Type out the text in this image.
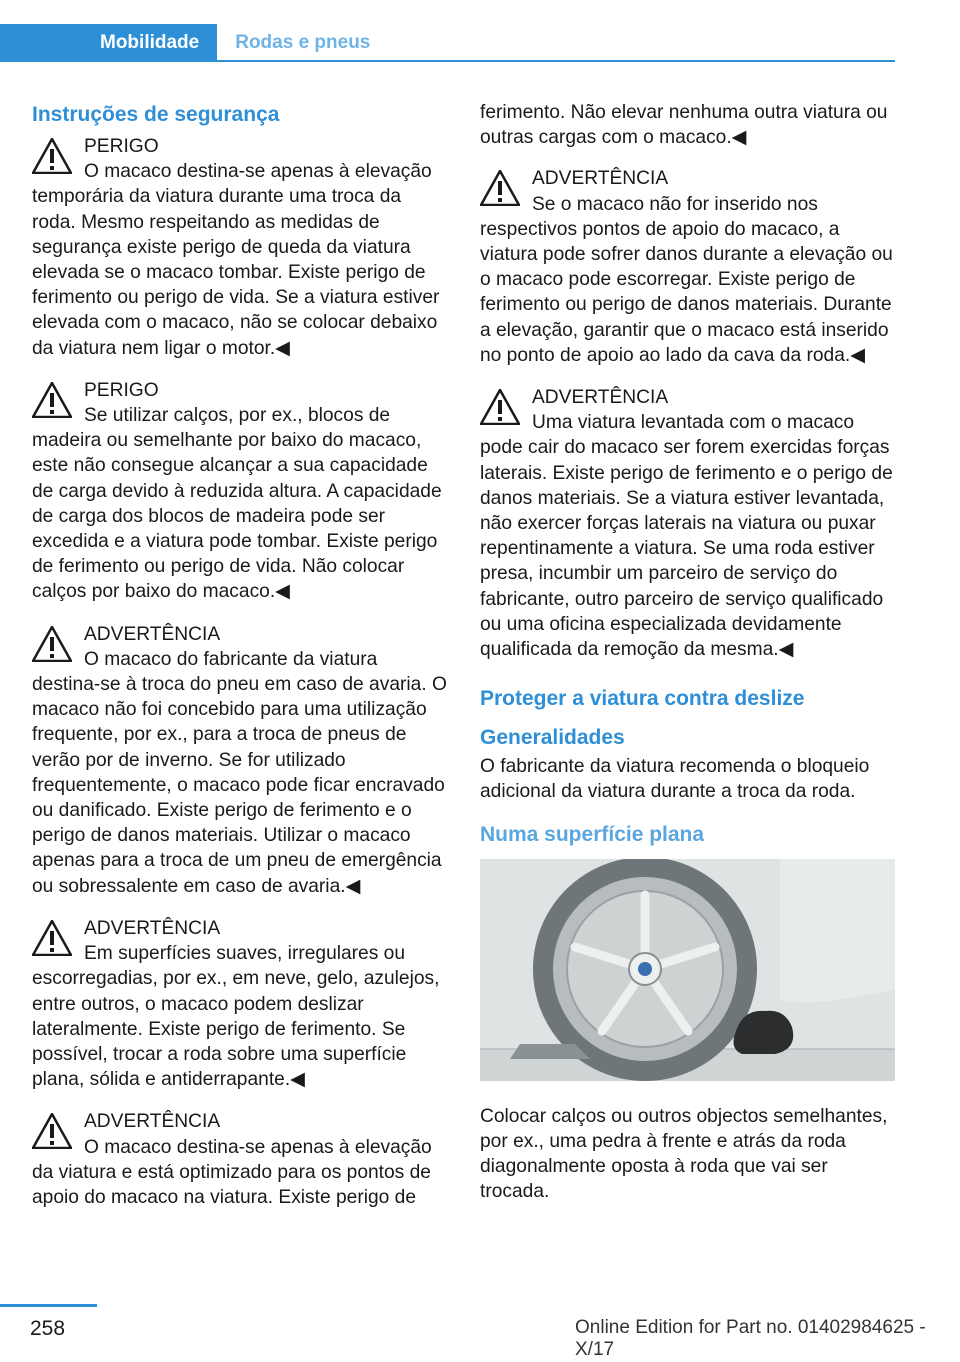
Mobilidade	Rodas e pneus
Instruções de segurança
PERIGO
O macaco destina-se apenas à elevação temporária da viatura durante uma troca da roda. Mesmo respeitando as medidas de segurança existe perigo de queda da viatura elevada se o macaco tombar. Existe perigo de ferimento ou perigo de vida. Se a viatura estiver elevada com o macaco, não se colocar debaixo da viatura nem ligar o motor.◀
PERIGO
Se utilizar calços, por ex., blocos de madeira ou semelhante por baixo do macaco, este não consegue alcançar a sua capacidade de carga devido à reduzida altura. A capacidade de carga dos blocos de madeira pode ser excedida e a viatura pode tombar. Existe perigo de ferimento ou perigo de vida. Não colocar calços por baixo do macaco.◀
ADVERTÊNCIA
O macaco do fabricante da viatura destina-se à troca do pneu em caso de avaria. O macaco não foi concebido para uma utilização frequente, por ex., para a troca de pneus de verão por de inverno. Se for utilizado frequentemente, o macaco pode ficar encravado ou danificado. Existe perigo de ferimento e o perigo de danos materiais. Utilizar o macaco apenas para a troca de um pneu de emergência ou sobressalente em caso de avaria.◀
ADVERTÊNCIA
Em superfícies suaves, irregulares ou escorregadias, por ex., em neve, gelo, azulejos, entre outros, o macaco podem deslizar lateralmente. Existe perigo de ferimento. Se possível, trocar a roda sobre uma superfície plana, sólida e antiderrapante.◀
ADVERTÊNCIA
O macaco destina-se apenas à elevação da viatura e está optimizado para os pontos de apoio do macaco na viatura. Existe perigo de

ferimento. Não elevar nenhuma outra viatura ou outras cargas com o macaco.◀

ADVERTÊNCIA
Se o macaco não for inserido nos respectivos pontos de apoio do macaco, a viatura pode sofrer danos durante a elevação ou o macaco pode escorregar. Existe perigo de ferimento ou perigo de danos materiais. Durante a elevação, garantir que o macaco está inserido no ponto de apoio ao lado da cava da roda.◀
ADVERTÊNCIA
Uma viatura levantada com o macaco pode cair do macaco ser forem exercidas forças laterais. Existe perigo de ferimento e o perigo de danos materiais. Se a viatura estiver levantada, não exercer forças laterais na viatura ou puxar repentinamente a viatura. Se uma roda estiver presa, incumbir um parceiro de serviço do fabricante, outro parceiro de serviço qualificado ou uma oficina especializada devidamente qualificada da remoção da mesma.◀
Proteger a viatura contra deslize
Generalidades

O fabricante da viatura recomenda o bloqueio adicional da viatura durante a troca da roda.

Numa superfície plana

Colocar calços ou outros objectos semelhantes, por ex., uma pedra à frente e atrás da roda diagonalmente oposta à roda que vai ser trocada.

258	Online Edition for Part no. 01402984625 - X/17
